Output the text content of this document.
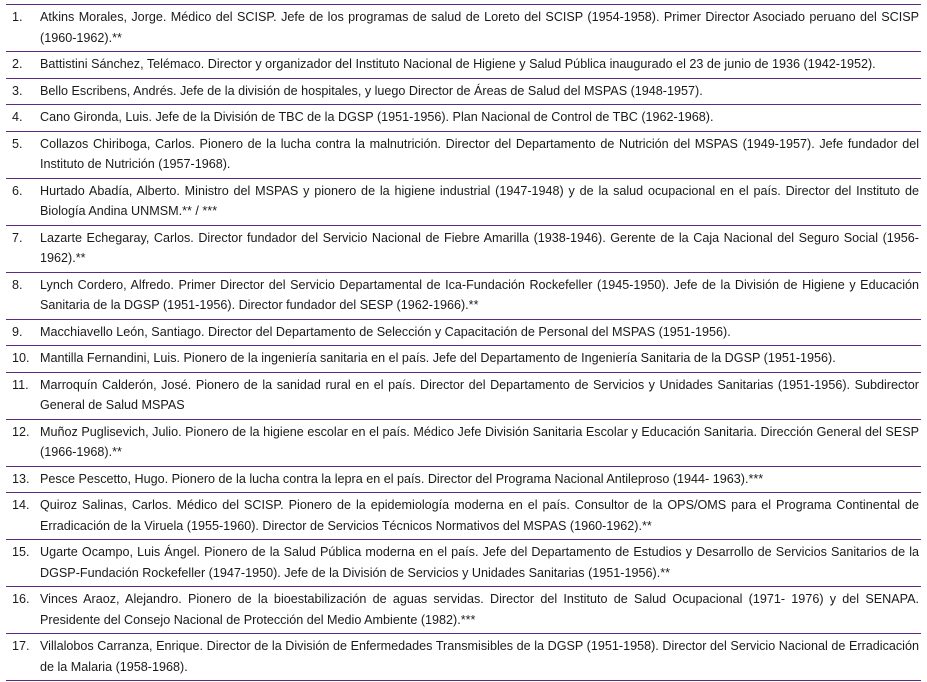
1.	Atkins Morales, Jorge. Médico del SCISP. Jefe de los programas de salud de Loreto del SCISP (1954-1958). Primer Director Asociado peruano del SCISP (1960-1962).**
2.	Battistini Sánchez, Telémaco. Director y organizador del Instituto Nacional de Higiene y Salud Pública inaugurado el 23 de junio de 1936 (1942-1952).
3.	Bello Escribens, Andrés. Jefe de la división de hospitales, y luego Director de Áreas de Salud del MSPAS (1948-1957).
4.	Cano Gironda, Luis. Jefe de la División de TBC de la DGSP (1951-1956). Plan Nacional de Control de TBC (1962-1968).
5.	Collazos Chiriboga, Carlos. Pionero de la lucha contra la malnutrición. Director del Departamento de Nutrición del MSPAS (1949-1957). Jefe fundador del Instituto de Nutrición (1957-1968).
6.	Hurtado Abadía, Alberto. Ministro del MSPAS y pionero de la higiene industrial (1947-1948) y de la salud ocupacional en el país. Director del Instituto de Biología Andina UNMSM.** / ***
7.	Lazarte Echegaray, Carlos. Director fundador del Servicio Nacional de Fiebre Amarilla (1938-1946). Gerente de la Caja Nacional del Seguro Social (1956-1962).**
8.	Lynch Cordero, Alfredo. Primer Director del Servicio Departamental de Ica-Fundación Rockefeller (1945-1950). Jefe de la División de Higiene y Educación Sanitaria de la DGSP (1951-1956). Director fundador del SESP (1962-1966).**
9.	Macchiavello León, Santiago. Director del Departamento de Selección y Capacitación de Personal del MSPAS (1951-1956).
10. Mantilla Fernandini, Luis. Pionero de la ingeniería sanitaria en el país. Jefe del Departamento de Ingeniería Sanitaria de la DGSP (1951-1956).
11. Marroquín Calderón, José. Pionero de la sanidad rural en el país. Director del Departamento de Servicios y Unidades Sanitarias (1951-1956). Subdirector General de Salud MSPAS
12. Muñoz Puglisevich, Julio. Pionero de la higiene escolar en el país. Médico Jefe División Sanitaria Escolar y Educación Sanitaria. Dirección General del SESP (1966-1968).**
13. Pesce Pescetto, Hugo. Pionero de la lucha contra la lepra en el país. Director del Programa Nacional Antileproso (1944- 1963).***
14. Quiroz Salinas, Carlos. Médico del SCISP. Pionero de la epidemiología moderna en el país. Consultor de la OPS/OMS para el Programa Continental de Erradicación de la Viruela (1955-1960). Director de Servicios Técnicos Normativos del MSPAS (1960-1962).**
15. Ugarte Ocampo, Luis Ángel. Pionero de la Salud Pública moderna en el país. Jefe del Departamento de Estudios y Desarrollo de Servicios Sanitarios de la DGSP-Fundación Rockefeller (1947-1950). Jefe de la División de Servicios y Unidades Sanitarias (1951-1956).**
16. Vinces Araoz, Alejandro. Pionero de la bioestabilización de aguas servidas. Director del Instituto de Salud Ocupacional (1971- 1976) y del SENAPA. Presidente del Consejo Nacional de Protección del Medio Ambiente (1982).***
17. Villalobos Carranza, Enrique. Director de la División de Enfermedades Transmisibles de la DGSP (1951-1958). Director del Servicio Nacional de Erradicación de la Malaria (1958-1968).
